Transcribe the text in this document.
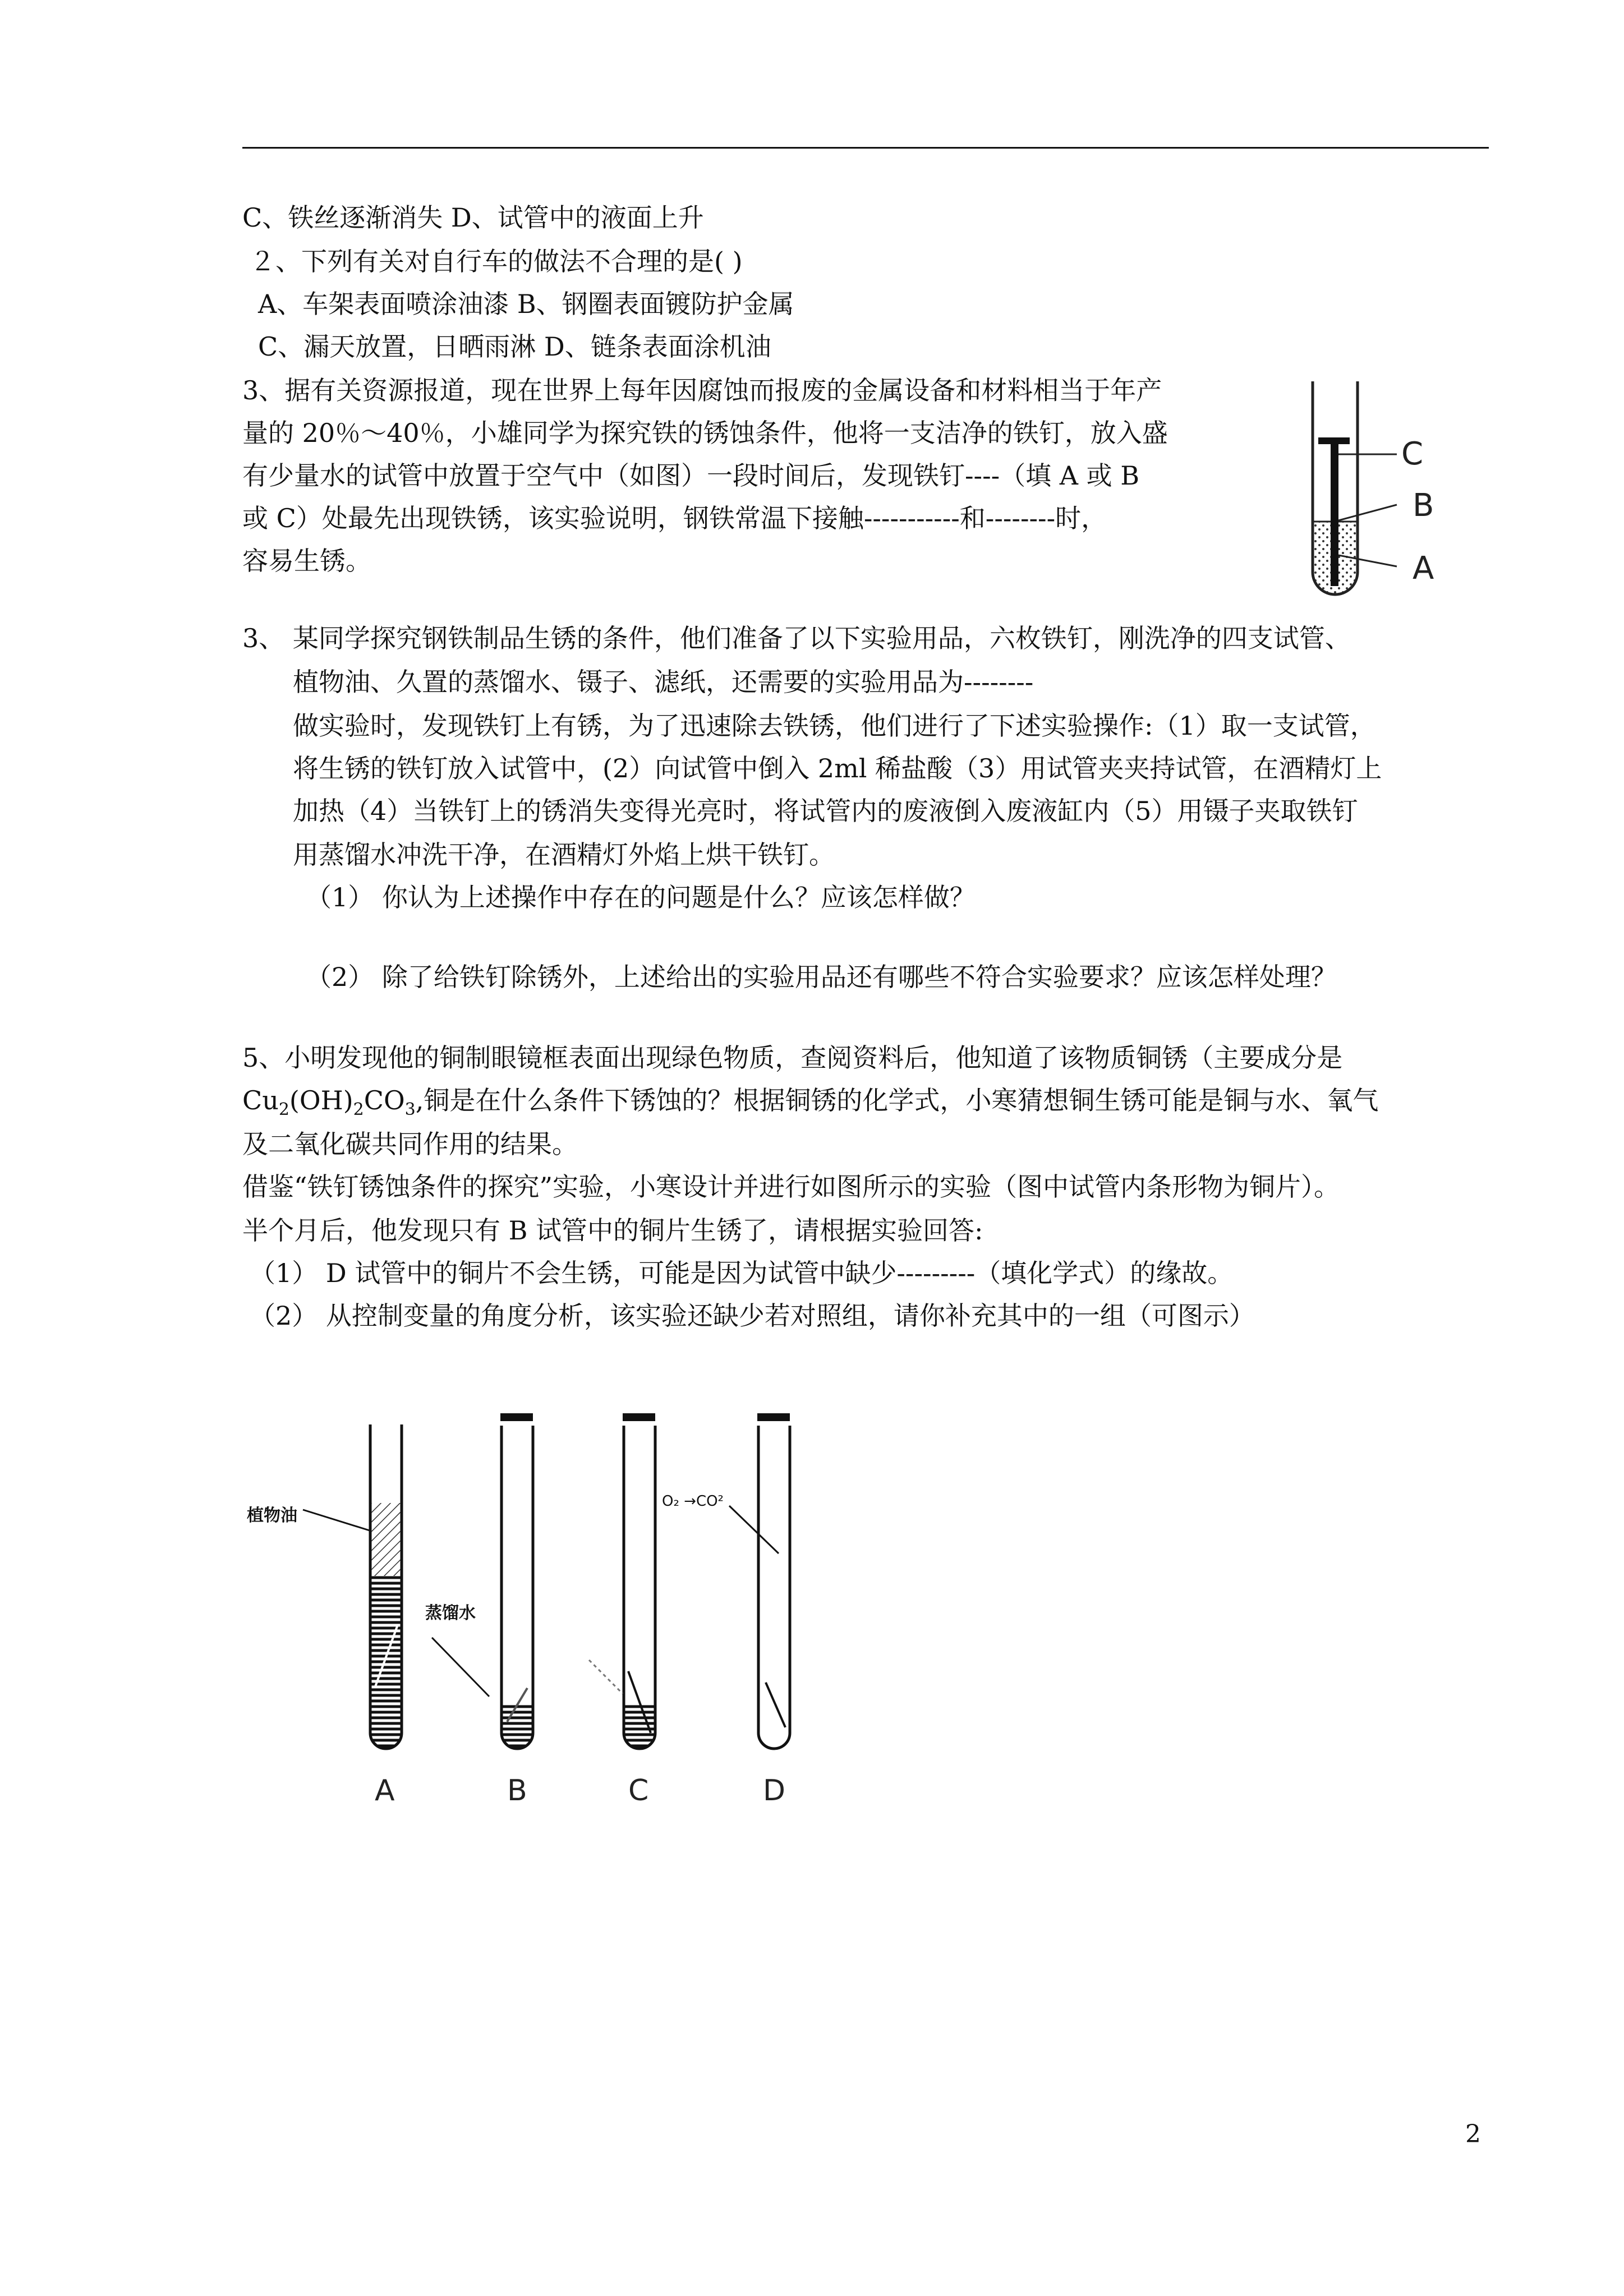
C、铁丝逐渐消失 D、试管中的液面上升
２、下列有关对自行车的做法不合理的是( )
A、车架表面喷涂油漆 B、钢圈表面镀防护金属
C、漏天放置，日晒雨淋 D、链条表面涂机油
3、据有关资源报道，现在世界上每年因腐蚀而报废的金属设备和材料相当于年产
量的 20％～40％，小雄同学为探究铁的锈蚀条件，他将一支洁净的铁钉，放入盛
有少量水的试管中放置于空气中（如图）一段时间后，发现铁钉----（填 A 或 B
或 C）处最先出现铁锈，该实验说明，钢铁常温下接触-----------和--------时，
容易生锈。
C
B
A
3、 某同学探究钢铁制品生锈的条件，他们准备了以下实验用品，六枚铁钉，刚洗净的四支试管、
植物油、久置的蒸馏水、镊子、滤纸，还需要的实验用品为--------
做实验时，发现铁钉上有锈，为了迅速除去铁锈，他们进行了下述实验操作:（1）取一支试管，
将生锈的铁钉放入试管中，(2）向试管中倒入 2ml 稀盐酸（3）用试管夹夹持试管，在酒精灯上
加热（4）当铁钉上的锈消失变得光亮时，将试管内的废液倒入废液缸内（5）用镊子夹取铁钉
用蒸馏水冲洗干净，在酒精灯外焰上烘干铁钉。
（1） 你认为上述操作中存在的问题是什么？应该怎样做？
（2） 除了给铁钉除锈外，上述给出的实验用品还有哪些不符合实验要求？应该怎样处理？
5、小明发现他的铜制眼镜框表面出现绿色物质，查阅资料后，他知道了该物质铜锈（主要成分是
$Cu_2(OH)_2CO_3$,铜是在什么条件下锈蚀的？根据铜锈的化学式，小寒猜想铜生锈可能是铜与水、氧气
及二氧化碳共同作用的结果。
借鉴“铁钉锈蚀条件的探究”实验，小寒设计并进行如图所示的实验（图中试管内条形物为铜片）。
半个月后，他发现只有 B 试管中的铜片生锈了，请根据实验回答:
（1） D 试管中的铜片不会生锈，可能是因为试管中缺少---------（填化学式）的缘故。
（2） 从控制变量的角度分析，该实验还缺少若对照组，请你补充其中的一组（可图示）
植物油
蒸馏水
O₂ →CO²
A	B	C	D
2
